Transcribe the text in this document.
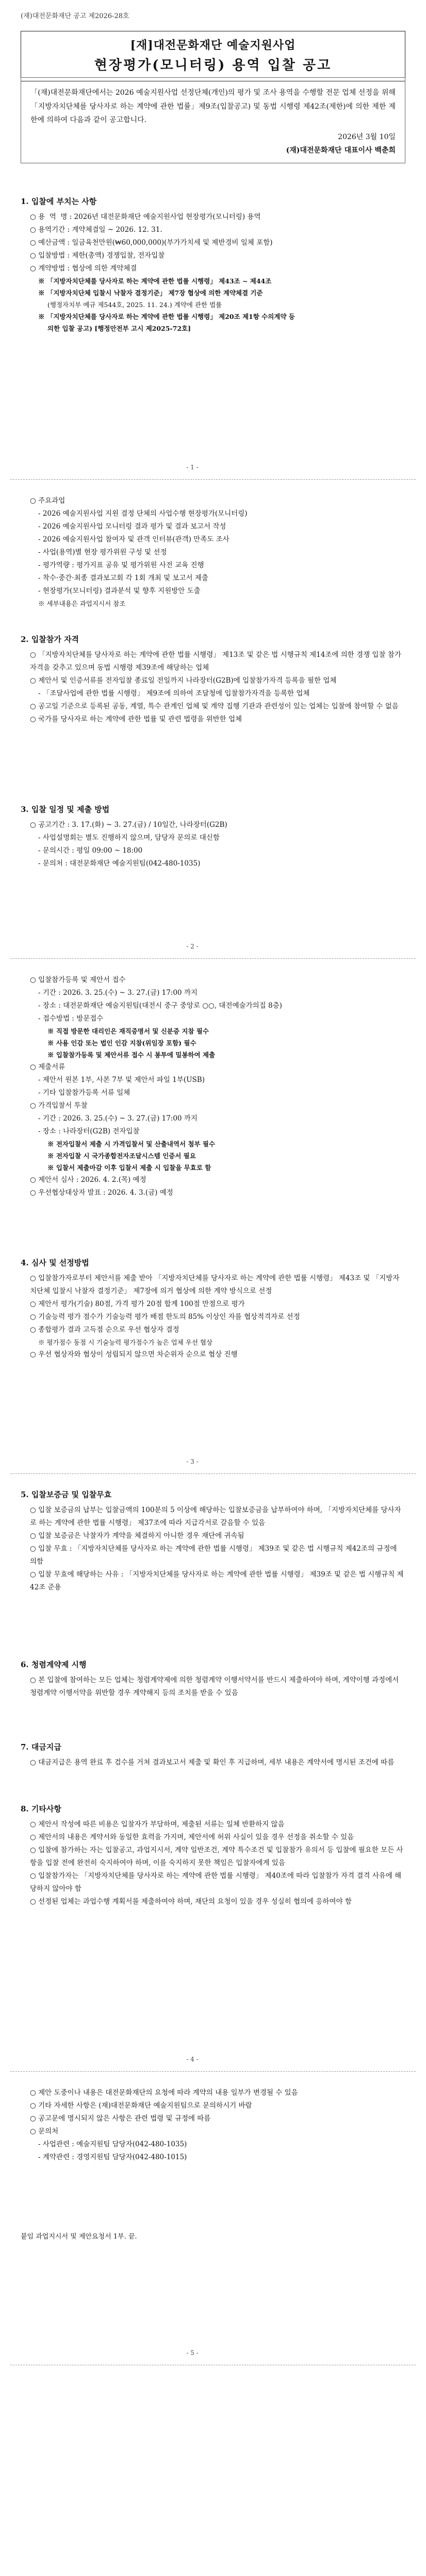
(재)대전문화재단 공고 제2026-28호
[재]대전문화재단 예술지원사업
현장평가(모니터링) 용역 입찰 공고
「(재)대전문화재단에서는 2026 예술지원사업 선정단체(개인)의 평가 및 조사 용역을 수행할 전문 업체 선정을 위해 「지방자치단체를 당사자로 하는 계약에 관한 법률」제9조(입찰공고) 및 동법 시행령 제42조(제한)에 의한 제한 제한에 의하여 다음과 같이 공고합니다.
2026년 3월 10일
(재)대전문화재단 대표이사 백춘희
1. 입찰에 부치는 사항
○ 용  역  명 : 2026년 대전문화재단 예술지원사업 현장평가(모니터링) 용역
○ 용역기간 : 계약체결일 ~ 2026. 12. 31.
○ 예산금액 : 일금육천만원(₩60,000,000)(부가가치세 및 제반경비 일체 포함)
○ 입찰방법 : 제한(총액) 경쟁입찰, 전자입찰
○ 계약방법 : 협상에 의한 계약체결
※ 「지방자치단체를 당사자로 하는 계약에 관한 법률 시행령」 제43조 ~ 제44조
※ 「지방자치단체 입찰시 낙찰자 결정기준」 제7장 협상에 의한 계약체결 기준
(행정자치부 예규 제544호, 2025. 11. 24.) 계약에 관한 법률
※ 「지방자치단체를 당사자로 하는 계약에 관한 법률 시행령」 제20조 제1항 수의계약 등
의한 입찰 공고) [행정안전부 고시 제2025-72호]
- 1 -
○ 주요과업
- 2026 예술지원사업 지원 결정 단체의 사업수행 현장평가(모니터링)
- 2026 예술지원사업 모니터링 결과 평가 및 결과 보고서 작성
- 2026 예술지원사업 참여자 및 관객 인터뷰(관객) 만족도 조사
- 사업(용역)별 현장 평가위원 구성 및 선정
- 평가역량 : 평가지표 공유 및 평가위원 사전 교육 진행
- 착수·중간·최종 결과보고회 각 1회 개최 및 보고서 제출
- 현장평가(모니터링) 결과분석 및 향후 지원방안 도출
※ 세부내용은 과업지시서 참조
2. 입찰참가 자격
○ 「지방자치단체를 당사자로 하는 계약에 관한 법률 시행령」 제13조 및 같은 법 시행규칙 제14조에 의한 경쟁 입찰 참가자격을 갖추고 있으며 동법 시행령 제39조에 해당하는 업체
○ 제안서 및 인증서류를 전자입찰 종료일 전일까지 나라장터(G2B)에 입찰참가자격 등록을 필한 업체
- 「조달사업에 관한 법률 시행령」 제9조에 의하여 조달청에 입찰참가자격을 등록한 업체
○ 공고일 기준으로 등록된 공동, 계열, 특수 관계인 업체 및 계약 집행 기관과 관련성이 있는 업체는 입찰에 참여할 수 없음
○ 국가를 당사자로 하는 계약에 관한 법률 및 관련 법령을 위반한 업체
3. 입찰 일정 및 제출 방법
○ 공고기간 : 3. 17.(화) ~ 3. 27.(금) / 10일간, 나라장터(G2B)
- 사업설명회는 별도 진행하지 않으며, 담당자 문의로 대신함
- 문의시간 : 평일 09:00 ~ 18:00
- 문의처 : 대전문화재단 예술지원팀(042-480-1035)
- 2 -
○ 입찰참가등록 및 제안서 접수
- 기간 : 2026. 3. 25.(수) ~ 3. 27.(금) 17:00 까지
- 장소 : 대전문화재단 예술지원팀(대전시 중구 중앙로 ○○, 대전예술가의집 8층)
- 접수방법 : 방문접수
※ 직접 방문한 대리인은 재직증명서 및 신분증 지참 필수
※ 사용 인감 또는 법인 인감 지참(위임장 포함) 필수
※ 입찰참가등록 및 제안서류 접수 시 봉투에 밀봉하여 제출
○ 제출서류
- 제안서 원본 1부, 사본 7부 및 제안서 파일 1부(USB)
- 기타 입찰참가등록 서류 일체
○ 가격입찰서 투찰
- 기간 : 2026. 3. 25.(수) ~ 3. 27.(금) 17:00 까지
- 장소 : 나라장터(G2B) 전자입찰
※ 전자입찰서 제출 시 가격입찰서 및 산출내역서 첨부 필수
※ 전자입찰 시 국가종합전자조달시스템 인증서 필요
※ 입찰서 제출마감 이후 입찰서 제출 시 입찰을 무효로 함
○ 제안서 심사 : 2026. 4. 2.(목) 예정
○ 우선협상대상자 발표 : 2026. 4. 3.(금) 예정
4. 심사 및 선정방법
○ 입찰참가자로부터 제안서를 제출 받아 「지방자치단체를 당사자로 하는 계약에 관한 법률 시행령」 제43조 및 「지방자치단체 입찰시 낙찰자 결정기준」 제7장에 의거 협상에 의한 계약 방식으로 선정
○ 제안서 평가(기술) 80점, 가격 평가 20점 합계 100점 만점으로 평가
○ 기술능력 평가 점수가 기술능력 평가 배점 한도의 85% 이상인 자를 협상적격자로 선정
○ 종합평가 결과 고득점 순으로 우선 협상자 결정
※ 평가점수 동점 시 기술능력 평가점수가 높은 업체 우선 협상
○ 우선 협상자와 협상이 성립되지 않으면 차순위자 순으로 협상 진행
- 3 -
5. 입찰보증금 및 입찰무효
○ 입찰 보증금의 납부는 입찰금액의 100분의 5 이상에 해당하는 입찰보증금을 납부하여야 하며, 「지방자치단체를 당사자로 하는 계약에 관한 법률 시행령」 제37조에 따라 지급각서로 갈음할 수 있음
○ 입찰 보증금은 낙찰자가 계약을 체결하지 아니한 경우 재단에 귀속됨
○ 입찰 무효 : 「지방자치단체를 당사자로 하는 계약에 관한 법률 시행령」 제39조 및 같은 법 시행규칙 제42조의 규정에 의함
○ 입찰 무효에 해당하는 사유 : 「지방자치단체를 당사자로 하는 계약에 관한 법률 시행령」 제39조 및 같은 법 시행규칙 제42조 준용
6. 청렴계약제 시행
○ 본 입찰에 참여하는 모든 업체는 청렴계약제에 의한 청렴계약 이행서약서를 반드시 제출하여야 하며, 계약이행 과정에서 청렴계약 이행서약을 위반할 경우 계약해지 등의 조치를 받을 수 있음
7. 대금지급
○ 대금지급은 용역 완료 후 검수를 거쳐 결과보고서 제출 및 확인 후 지급하며, 세부 내용은 계약서에 명시된 조건에 따름
8. 기타사항
○ 제안서 작성에 따른 비용은 입찰자가 부담하며, 제출된 서류는 일체 반환하지 않음
○ 제안서의 내용은 계약서와 동일한 효력을 가지며, 제안서에 허위 사실이 있을 경우 선정을 취소할 수 있음
○ 입찰에 참가하는 자는 입찰공고, 과업지시서, 계약 일반조건, 계약 특수조건 및 입찰참가 유의서 등 입찰에 필요한 모든 사항을 입찰 전에 완전히 숙지하여야 하며, 이를 숙지하지 못한 책임은 입찰자에게 있음
○ 입찰참가자는 「지방자치단체를 당사자로 하는 계약에 관한 법률 시행령」 제40조에 따라 입찰참가 자격 결격 사유에 해당하지 않아야 함
○ 선정된 업체는 과업수행 계획서를 제출하여야 하며, 재단의 요청이 있을 경우 성실히 협의에 응하여야 함
- 4 -
○ 제안 도중이나 내용은 대전문화재단의 요청에 따라 계약의 내용 일부가 변경될 수 있음
○ 기타 자세한 사항은 (재)대전문화재단 예술지원팀으로 문의하시기 바람
○ 공고문에 명시되지 않은 사항은 관련 법령 및 규정에 따름
○ 문의처
- 사업관련 : 예술지원팀 담당자(042-480-1035)
- 계약관련 : 경영지원팀 담당자(042-480-1015)
붙임 과업지시서 및 제안요청서 1부. 끝.
- 5 -
